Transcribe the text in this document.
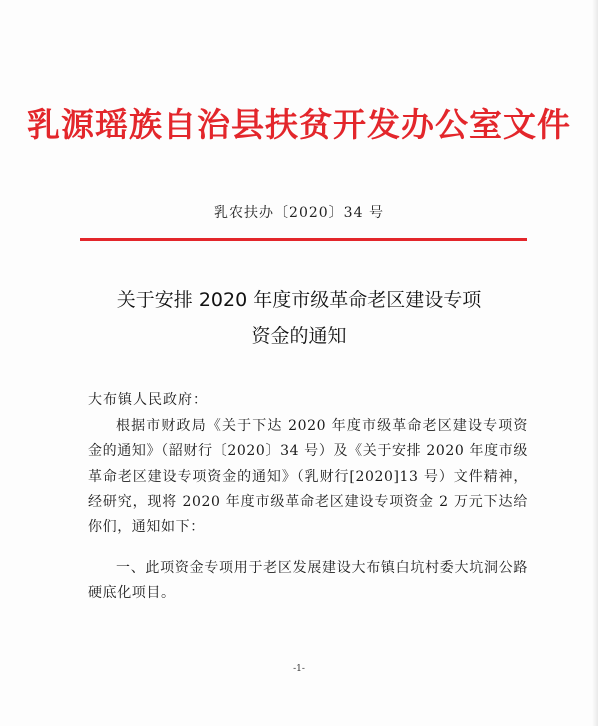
乳源瑶族自治县扶贫开发办公室文件
乳农扶办〔2020〕34 号
关于安排 2020 年度市级革命老区建设专项
资金的通知
大布镇人民政府：
根据市财政局《关于下达 2020 年度市级革命老区建设专项资金的通知》（韶财行〔2020〕34 号）及《关于安排 2020 年度市级革命老区建设专项资金的通知》（乳财行[2020]13 号）文件精神，经研究，现将 2020 年度市级革命老区建设专项资金 2 万元下达给你们，通知如下：
一、此项资金专项用于老区发展建设大布镇白坑村委大坑洞公路硬底化项目。
-1-
